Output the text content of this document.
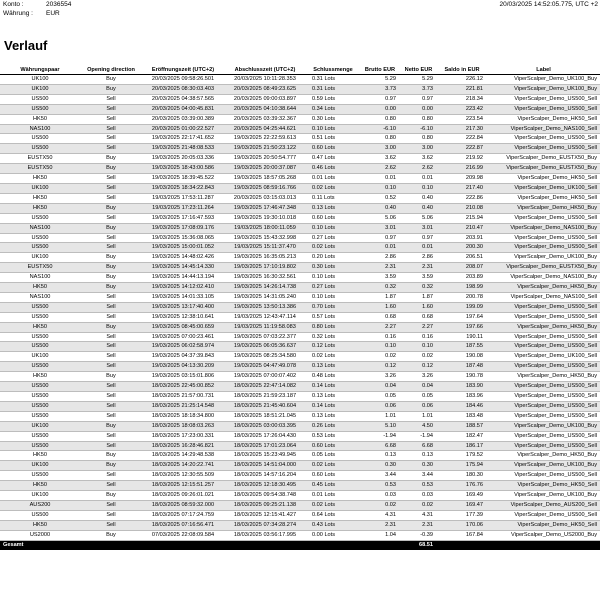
Konto :	2036554	20/03/2025 14:52:05.775, UTC +2
Währung : EUR
Verlauf
Währungspaar	Opening direction	Eröffnungszeit (UTC+2)	Abschlusszeit (UTC+2)	Schlussmenge	Brutto EUR	Netto EUR	Saldo in EUR	Label
UK100	Buy	20/03/2025 09:58:26.501	20/03/2025 10:11:28.353	0.31 Lots	5.29	5.29	226.12	ViperScalper_Demo_UK100_Buy
UK100	Buy	20/03/2025 08:30:03.403	20/03/2025 08:49:23.625	0.31 Lots	3.73	3.73	221.81	ViperScalper_Demo_UK100_Buy
US500	Sell	20/03/2025 04:38:57.565	20/03/2025 09:00:03.897	0.59 Lots	0.97	0.97	218.34	ViperScalper_Demo_US500_Sell
US500	Sell	20/03/2025 04:00:45.831	20/03/2025 04:10:38.644	0.34 Lots	0.00	0.00	223.42	ViperScalper_Demo_US500_Sell
HK50	Sell	20/03/2025 03:39:00.389	20/03/2025 03:39:32.367	0.30 Lots	0.80	0.80	223.54	ViperScalper_Demo_HK50_Sell
NAS100	Sell	20/03/2025 01:00:22.527	20/03/2025 04:25:44.621	0.10 Lots	-6.10	-6.10	217.30	ViperScalper_Demo_NAS100_Sell
US500	Sell	19/03/2025 22:17:41.652	19/03/2025 22:22:59.613	0.51 Lots	0.80	0.80	222.84	ViperScalper_Demo_US500_Sell
US500	Sell	19/03/2025 21:48:08.533	19/03/2025 21:50:23.122	0.60 Lots	3.00	3.00	222.87	ViperScalper_Demo_US500_Sell
EUSTX50	Buy	19/03/2025 20:05:03.336	19/03/2025 20:50:54.777	0.47 Lots	3.62	3.62	219.92	ViperScalper_Demo_EUSTX50_Buy
EUSTX50	Buy	19/03/2025 18:43:00.586	19/03/2025 20:00:37.087	0.46 Lots	2.62	2.62	216.99	ViperScalper_Demo_EUSTX50_Buy
HK50	Sell	19/03/2025 18:39:45.522	19/03/2025 18:57:05.268	0.01 Lots	0.01	0.01	209.98	ViperScalper_Demo_HK50_Sell
UK100	Sell	19/03/2025 18:34:22.843	19/03/2025 08:59:16.766	0.02 Lots	0.10	0.10	217.40	ViperScalper_Demo_UK100_Sell
HK50	Sell	19/03/2025 17:53:11.287	20/03/2025 03:15:03.013	0.11 Lots	0.52	0.40	222.86	ViperScalper_Demo_HK50_Sell
HK50	Buy	19/03/2025 17:23:11.264	19/03/2025 17:46:47.348	0.13 Lots	0.40	0.40	210.08	ViperScalper_Demo_HK50_Buy
US500	Sell	19/03/2025 17:16:47.593	19/03/2025 19:30:10.018	0.60 Lots	5.06	5.06	215.94	ViperScalper_Demo_US500_Sell
NAS100	Buy	19/03/2025 17:08:09.176	19/03/2025 18:00:11.059	0.10 Lots	3.01	3.01	210.47	ViperScalper_Demo_NAS100_Buy
US500	Sell	19/03/2025 15:36:08.065	19/03/2025 15:43:32.998	0.27 Lots	0.97	0.97	203.91	ViperScalper_Demo_US500_Sell
US500	Sell	19/03/2025 15:00:01.052	19/03/2025 15:11:37.470	0.02 Lots	0.01	0.01	200.30	ViperScalper_Demo_US500_Sell
UK100	Buy	19/03/2025 14:48:02.426	19/03/2025 16:35:05.213	0.20 Lots	2.86	2.86	206.51	ViperScalper_Demo_UK100_Buy
EUSTX50	Buy	19/03/2025 14:45:14.330	19/03/2025 17:10:19.802	0.30 Lots	2.31	2.31	208.07	ViperScalper_Demo_EUSTX50_Buy
NAS100	Buy	19/03/2025 14:44:13.194	19/03/2025 16:30:32.561	0.10 Lots	3.59	3.59	203.89	ViperScalper_Demo_NAS100_Buy
HK50	Buy	19/03/2025 14:12:02.410	19/03/2025 14:26:14.738	0.27 Lots	0.32	0.32	198.99	ViperScalper_Demo_HK50_Buy
NAS100	Sell	19/03/2025 14:01:33.105	19/03/2025 14:31:05.240	0.10 Lots	1.87	1.87	200.78	ViperScalper_Demo_NAS100_Sell
US500	Sell	19/03/2025 13:17:40.400	19/03/2025 13:50:13.386	0.70 Lots	1.60	1.60	199.09	ViperScalper_Demo_US500_Sell
US500	Sell	19/03/2025 12:38:10.641	19/03/2025 12:43:47.114	0.57 Lots	0.68	0.68	197.64	ViperScalper_Demo_US500_Sell
HK50	Buy	19/03/2025 08:45:00.659	19/03/2025 11:19:58.083	0.80 Lots	2.27	2.27	197.66	ViperScalper_Demo_HK50_Buy
US500	Sell	19/03/2025 07:00:23.461	19/03/2025 07:03:22.377	0.32 Lots	0.16	0.16	190.11	ViperScalper_Demo_US500_Sell
US500	Sell	19/03/2025 06:02:58.974	19/03/2025 06:05:36.637	0.12 Lots	0.10	0.10	187.55	ViperScalper_Demo_US500_Sell
UK100	Sell	19/03/2025 04:37:39.843	19/03/2025 08:25:34.580	0.02 Lots	0.02	0.02	190.08	ViperScalper_Demo_UK100_Sell
US500	Sell	19/03/2025 04:13:30.209	19/03/2025 04:47:49.078	0.13 Lots	0.12	0.12	187.48	ViperScalper_Demo_US500_Sell
HK50	Buy	19/03/2025 03:15:01.806	19/03/2025 07:00:07.402	0.48 Lots	3.26	3.26	190.78	ViperScalper_Demo_HK50_Buy
US500	Sell	18/03/2025 22:45:00.852	18/03/2025 22:47:14.082	0.14 Lots	0.04	0.04	183.90	ViperScalper_Demo_US500_Sell
US500	Sell	18/03/2025 21:57:00.731	18/03/2025 21:59:23.187	0.13 Lots	0.05	0.05	183.96	ViperScalper_Demo_US500_Sell
US500	Sell	18/03/2025 21:25:14.548	18/03/2025 21:45:40.604	0.14 Lots	0.06	0.06	184.46	ViperScalper_Demo_US500_Sell
US500	Sell	18/03/2025 18:18:34.800	18/03/2025 18:51:21.045	0.13 Lots	1.01	1.01	183.48	ViperScalper_Demo_US500_Sell
UK100	Buy	18/03/2025 18:08:03.263	18/03/2025 03:00:03.395	0.26 Lots	5.10	4.50	188.57	ViperScalper_Demo_UK100_Buy
US500	Sell	18/03/2025 17:23:00.331	18/03/2025 17:26:04.430	0.53 Lots	-1.94	-1.94	182.47	ViperScalper_Demo_US500_Sell
US500	Sell	18/03/2025 16:28:46.821	18/03/2025 17:01:23.064	0.60 Lots	6.68	6.68	186.17	ViperScalper_Demo_US500_Sell
HK50	Buy	18/03/2025 14:29:48.538	18/03/2025 15:23:49.945	0.05 Lots	0.13	0.13	179.52	ViperScalper_Demo_HK50_Buy
UK100	Buy	18/03/2025 14:20:22.741	18/03/2025 14:51:04.000	0.02 Lots	0.30	0.30	175.94	ViperScalper_Demo_UK100_Buy
US500	Sell	18/03/2025 12:30:55.509	18/03/2025 14:57:16.204	0.60 Lots	3.44	3.44	180.30	ViperScalper_Demo_US500_Sell
HK50	Sell	18/03/2025 12:15:51.257	18/03/2025 12:18:30.495	0.45 Lots	0.53	0.53	176.76	ViperScalper_Demo_HK50_Sell
UK100	Buy	18/03/2025 09:26:01.021	18/03/2025 09:54:38.748	0.01 Lots	0.03	0.03	169.49	ViperScalper_Demo_UK100_Buy
AUS200	Sell	18/03/2025 08:59:32.000	18/03/2025 09:25:21.138	0.02 Lots	0.02	0.02	169.47	ViperScalper_Demo_AUS200_Sell
US500	Sell	18/03/2025 07:17:24.759	18/03/2025 12:15:41.427	0.64 Lots	4.31	4.31	177.39	ViperScalper_Demo_US500_Sell
HK50	Sell	18/03/2025 07:16:56.471	18/03/2025 07:34:28.274	0.43 Lots	2.31	2.31	170.06	ViperScalper_Demo_HK50_Sell
US2000	Buy	07/03/2025 22:08:09.584	18/03/2025 03:56:17.995	0.00 Lots	1.04	-0.39	167.84	ViperScalper_Demo_US2000_Buy
Gesamt					68.51			
